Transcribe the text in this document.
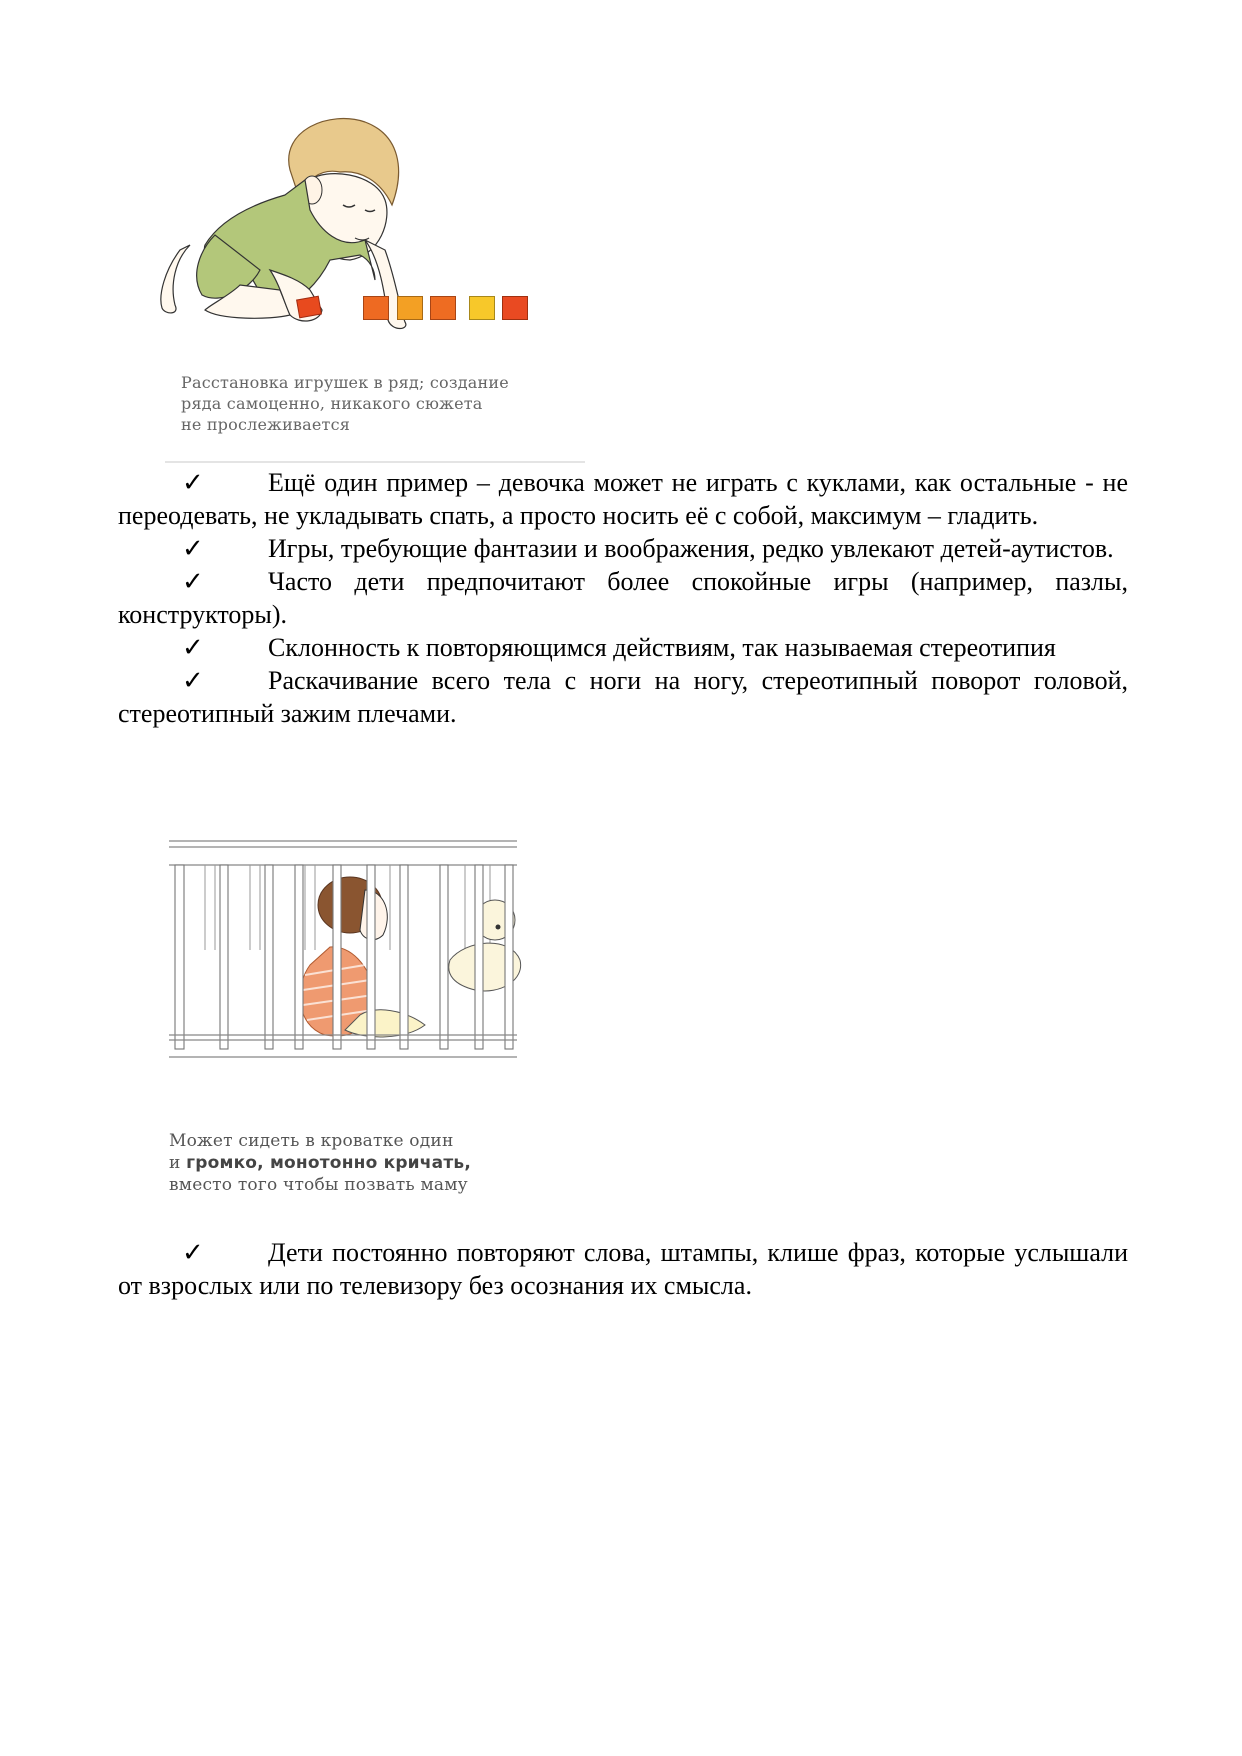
Расстановка игрушек в ряд; создание
ряда самоценно, никакого сюжета
не прослеживается

✓ Ещё один пример – девочка может не играть с куклами, как остальные - не переодевать, не укладывать спать, а просто носить её с собой, максимум – гладить.

✓ Игры, требующие фантазии и воображения, редко увлекают детей-аутистов.

✓ Часто дети предпочитают более спокойные игры (например, пазлы, конструкторы).

✓ Склонность к повторяющимся действиям, так называемая стереотипия

✓ Раскачивание всего тела с ноги на ногу, стереотипный поворот головой, стереотипный зажим плечами.

Может сидеть в кроватке один
и громко, монотонно кричать,
вместо того чтобы позвать маму

✓ Дети постоянно повторяют слова, штампы, клише фраз, которые услышали от взрослых или по телевизору без осознания их смысла.
